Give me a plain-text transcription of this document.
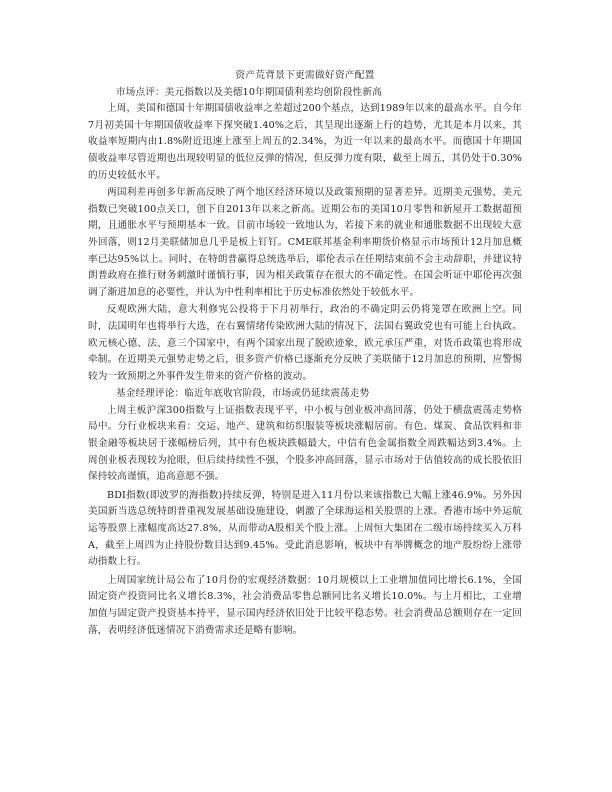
资产荒背景下更需做好资产配置

市场点评：美元指数以及美德10年期国债利差均创阶段性新高

上周，美国和德国十年期国债收益率之差超过200个基点，达到1989年以来的最高水平。自今年7月初美国十年期国债收益率下探突破1.40%之后，其呈现出逐渐上行的趋势，尤其是本月以来，其收益率短期内由1.8%附近迅速上涨至上周五的2.34%，为近一年以来的最高水平。而德国十年期国债收益率尽管近期也出现较明显的低位反弹的情况，但反弹力度有限，截至上周五，其仍处于0.30%的历史较低水平。

两国利差再创多年新高反映了两个地区经济环境以及政策预期的显著差异。近期美元强势，美元指数已突破100点关口，创下自2013年以来之新高。近期公布的美国10月零售和新屋开工数据超预期，且通胀水平与预期基本一致。目前市场较一致地认为，若接下来的就业和通胀数据不出现较大意外回落，则12月美联储加息几乎是板上钉钉。CME联邦基金利率期货价格显示市场预计12月加息概率已达95%以上。同时，在特朗普赢得总统选举后，耶伦表示在任期结束前不会主动辞职，并建议特朗普政府在推行财务刺激时谨慎行事，因为相关政策存在很大的不确定性。在国会听证中耶伦再次强调了渐进加息的必要性，并认为中性利率相比于历史标准依然处于较低水平。

反观欧洲大陆，意大利修宪公投将于下月初举行，政治的不确定阴云仍将笼罩在欧洲上空。同时，法国明年也将举行大选，在右翼情绪传染欧洲大陆的情况下，法国右翼政党也有可能上台执政。欧元核心德、法、意三个国家中，有两个国家出现了脱欧迹象，欧元承压严重，对货币政策也将形成牵制。在近期美元强势走势之后，很多资产价格已逐渐充分反映了美联储于12月加息的预期，应警惕较为一致预期之外事件发生带来的资产价格的波动。

基金经理评论：临近年底收官阶段，市场或仍延续震荡走势

上周主板沪深300指数与上证指数表现平平，中小板与创业板冲高回落，仍处于横盘震荡走势格局中。分行业板块来看：交运、地产、建筑和纺织服装等板块涨幅居前。有色、煤炭、食品饮料和非银金融等板块居于涨幅榜后列，其中有色板块跌幅最大，中信有色金属指数全周跌幅达到3.4%。上周创业板表现较为抢眼，但后续持续性不强，个股多冲高回落，显示市场对于估值较高的成长股依旧保持较高谨慎，追高意愿不强。

BDI指数(即波罗的海指数)持续反弹，特别是进入11月份以来该指数已大幅上涨46.9%。另外因美国新当选总统特朗普重视发展基础设施建设，刺激了全球海运相关股票的上涨。香港市场中外运航运等股票上涨幅度高达27.8%，从而带动A股相关个股上涨。上周恒大集团在二级市场持续买入万科A，截至上周四为止持股份数目达到9.45%。受此消息影响，板块中有举牌概念的地产股纷纷上涨带动指数上行。

上周国家统计局公布了10月份的宏观经济数据：10月规模以上工业增加值同比增长6.1%，全国固定资产投资同比名义增长8.3%，社会消费品零售总额同比名义增长10.0%。与上月相比，工业增加值与固定资产投资基本持平，显示国内经济依旧处于比较平稳态势。社会消费品总额则存在一定回落，表明经济低迷情况下消费需求还是略有影响。
